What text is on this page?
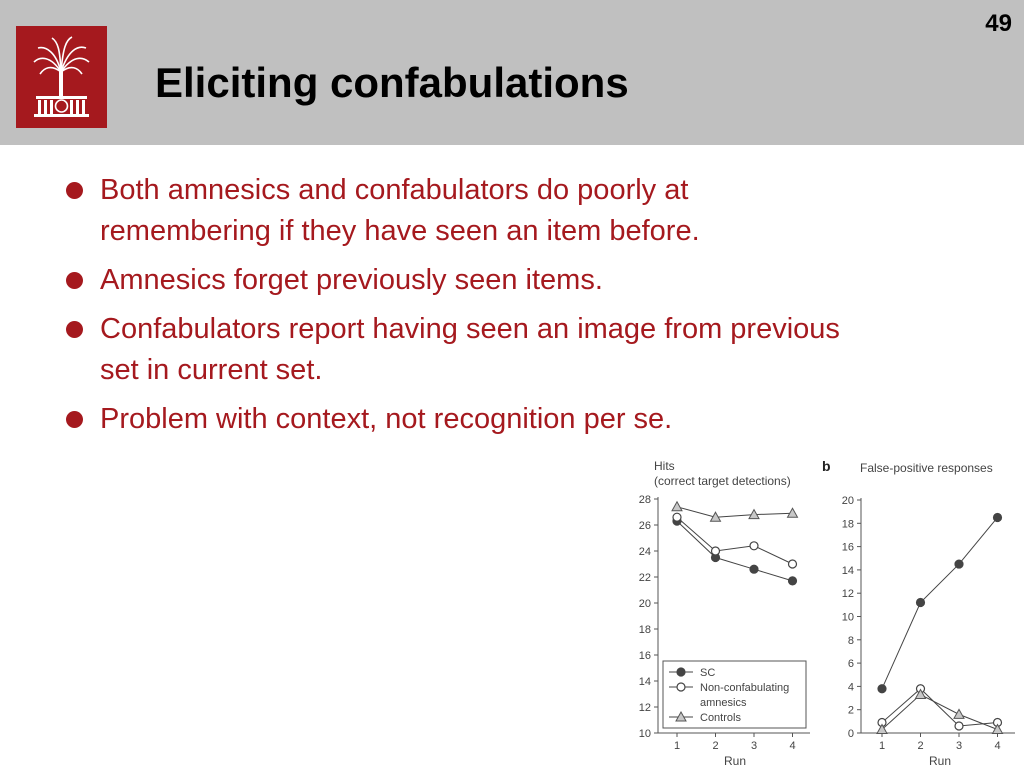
Eliciting confabulations
49
Both amnesics and confabulators do poorly at remembering if they have seen an item before.
Amnesics forget previously seen items.
Confabulators report having seen an image from previous set in current set.
Problem with context, not recognition per se.
Hits
(correct target detections)
10
12
14
16
18
20
22
24
26
28
1	2	3	4
SC
Non-confabulating
amnesics
Controls
Run
b False-positive responses
0
2
4
6
8
10
12
14
16
18
20
1	2	3	4
Run
